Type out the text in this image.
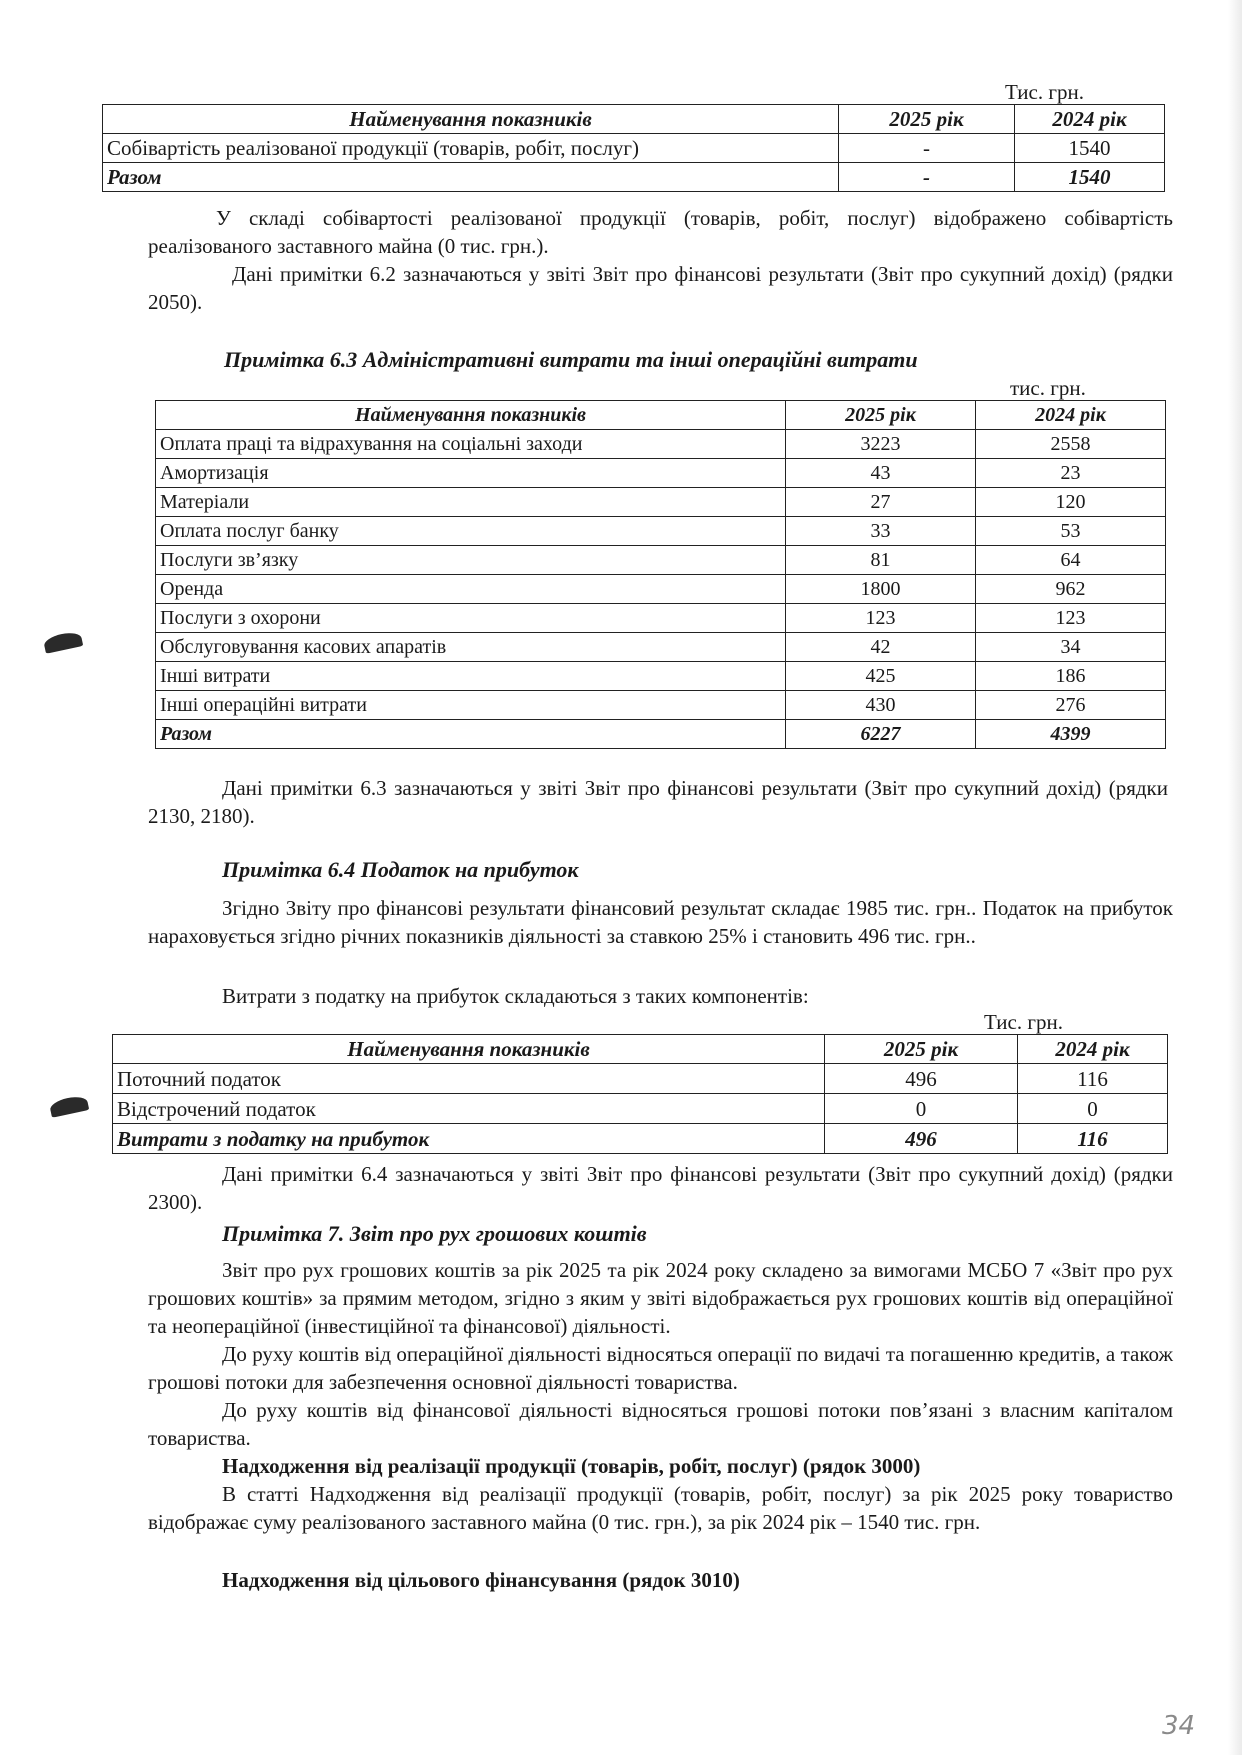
Тис. грн.
Найменування показників	2025 рік	2024 рік
Собівартість реалізованої продукції (товарів, робіт, послуг)	-	1540
Разом	-	1540
У складі собівартості реалізованої продукції (товарів, робіт, послуг) відображено собівартість реалізованого заставного майна (0 тис. грн.).
Дані примітки 6.2 зазначаються у звіті Звіт про фінансові результати (Звіт про сукупний дохід) (рядки 2050).
Примітка 6.3 Адміністративні витрати та інші операційні витрати
тис. грн.
Найменування показників	2025 рік	2024 рік
Оплата праці та відрахування на соціальні заходи	3223	2558
Амортизація	43	23
Матеріали	27	120
Оплата послуг банку	33	53
Послуги зв’язку	81	64
Оренда	1800	962
Послуги з охорони	123	123
Обслуговування касових апаратів	42	34
Інші витрати	425	186
Інші операційні витрати	430	276
Разом	6227	4399
Дані примітки 6.3 зазначаються у звіті Звіт про фінансові результати (Звіт про сукупний дохід) (рядки 2130, 2180).
Примітка 6.4 Податок на прибуток
Згідно Звіту про фінансові результати фінансовий результат складає 1985 тис. грн.. Податок на прибуток нараховується згідно річних показників діяльності за ставкою 25% і становить 496 тис. грн..
Витрати з податку на прибуток складаються з таких компонентів:
Тис. грн.
Найменування показників	2025 рік	2024 рік
Поточний податок	496	116
Відстрочений податок	0	0
Витрати з податку на прибуток	496	116
Дані примітки 6.4 зазначаються у звіті Звіт про фінансові результати (Звіт про сукупний дохід) (рядки 2300).
Примітка 7. Звіт про рух грошових коштів
Звіт про рух грошових коштів за рік 2025 та рік 2024 року складено за вимогами МСБО 7 «Звіт про рух грошових коштів» за прямим методом, згідно з яким у звіті відображається рух грошових коштів від операційної та неопераційної (інвестиційної та фінансової) діяльності.
До руху коштів від операційної діяльності відносяться операції по видачі та погашенню кредитів, а також грошові потоки для забезпечення основної діяльності товариства.
До руху коштів від фінансової діяльності відносяться грошові потоки пов’язані з власним капіталом товариства.
Надходження від реалізації продукції (товарів, робіт, послуг) (рядок 3000)
В статті Надходження від реалізації продукції (товарів, робіт, послуг) за рік 2025 року товариство відображає суму реалізованого заставного майна (0 тис. грн.), за рік 2024 рік – 1540 тис. грн.
Надходження від цільового фінансування (рядок 3010)
34
